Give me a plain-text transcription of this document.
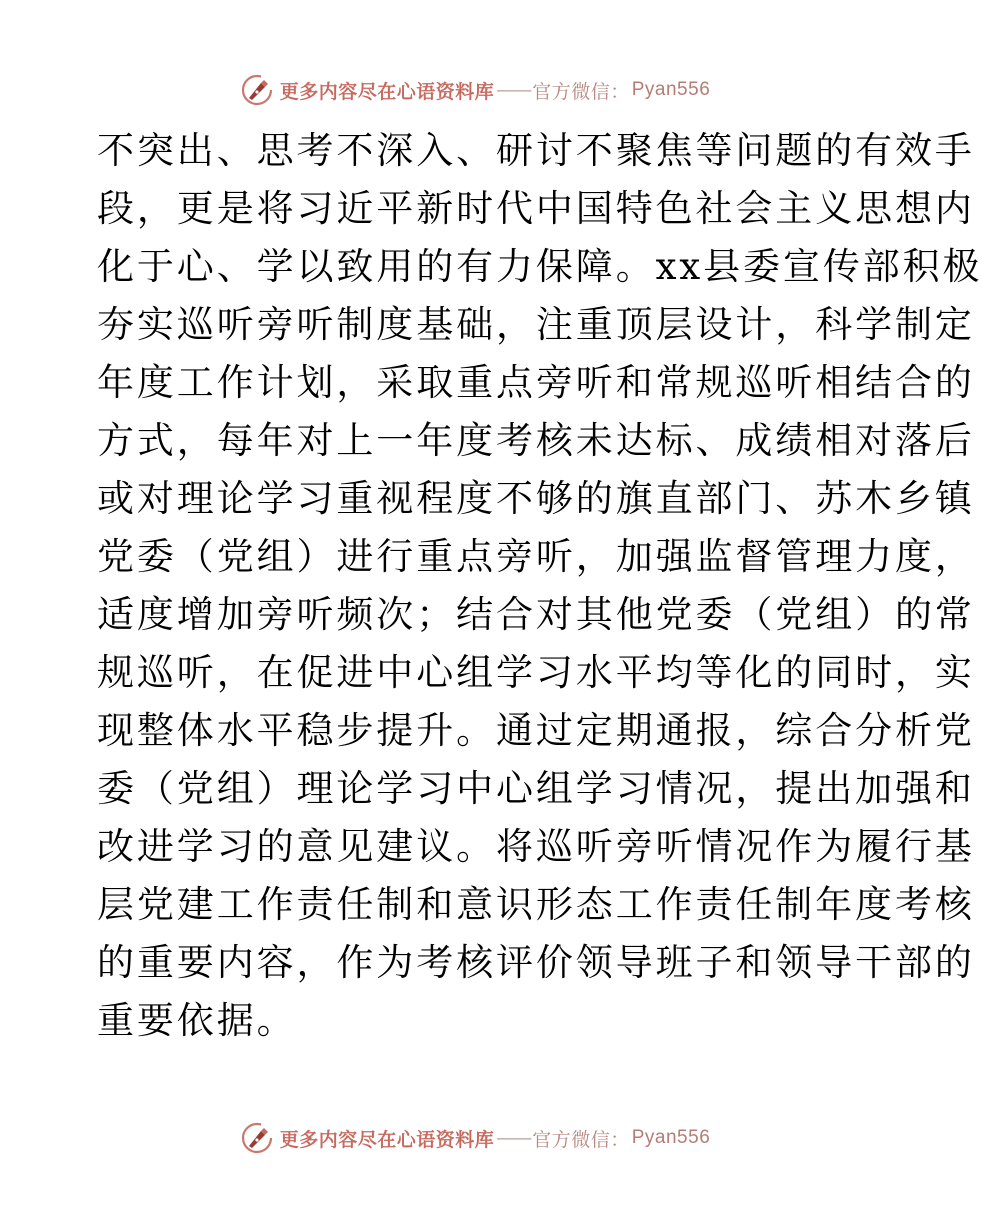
更多内容尽在心语资料库 —— 官方微信： Pyan556
不突出、思考不深入、研讨不聚焦等问题的有效手
段，更是将习近平新时代中国特色社会主义思想内
化于心、学以致用的有力保障。xx县委宣传部积极
夯实巡听旁听制度基础，注重顶层设计，科学制定
年度工作计划，采取重点旁听和常规巡听相结合的
方式，每年对上一年度考核未达标、成绩相对落后
或对理论学习重视程度不够的旗直部门、苏木乡镇
党委（党组）进行重点旁听，加强监督管理力度，
适度增加旁听频次；结合对其他党委（党组）的常
规巡听，在促进中心组学习水平均等化的同时，实
现整体水平稳步提升。通过定期通报，综合分析党
委（党组）理论学习中心组学习情况，提出加强和
改进学习的意见建议。将巡听旁听情况作为履行基
层党建工作责任制和意识形态工作责任制年度考核
的重要内容，作为考核评价领导班子和领导干部的
重要依据。
更多内容尽在心语资料库 —— 官方微信： Pyan556
